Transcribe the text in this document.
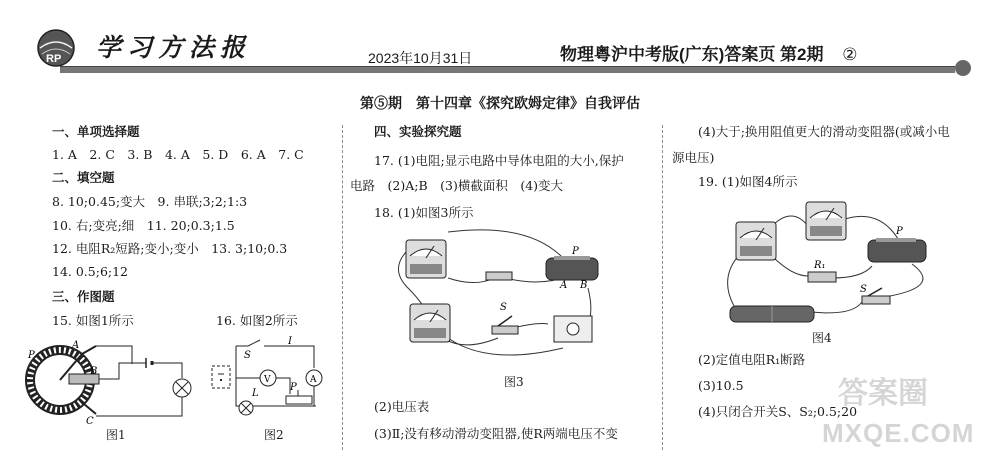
RP 学习方法报	2023年10月31日	物理粤沪中考版(广东)答案页 第2期 ②
第⑤期　第十四章《探究欧姆定律》自我评估
一、单项选择题
1. A　2. C　3. B　4. A　5. D　6. A　7. C
二、填空题
8. 10;0.45;变大　9. 串联;3;2;1:3
10. 右;变亮;细　11. 20;0.3;1.5
12. 电阻R₂短路;变小;变小　13. 3;10;0.3
14. 0.5;6;12
三、作图题
15. 如图1所示	16. 如图2所示
P
A
B
C
图1
S
I
V	A
L
P
图2
四、实验探究题
17. (1)电阻;显示电路中导体电阻的大小,保护
电路　(2)A;B　(3)横截面积　(4)变大
18. (1)如图3所示
S
P
A B
图3
(2)电压表
(3)Ⅱ;没有移动滑动变阻器,使R两端电压不变
(4)大于;换用阻值更大的滑动变阻器(或减小电
源电压)
19. (1)如图4所示
R₁
S
P
图4
(2)定值电阻R₁断路
(3)10.5
(4)只闭合开关S、S₂;0.5;20
答案圈
MXQE.COM
